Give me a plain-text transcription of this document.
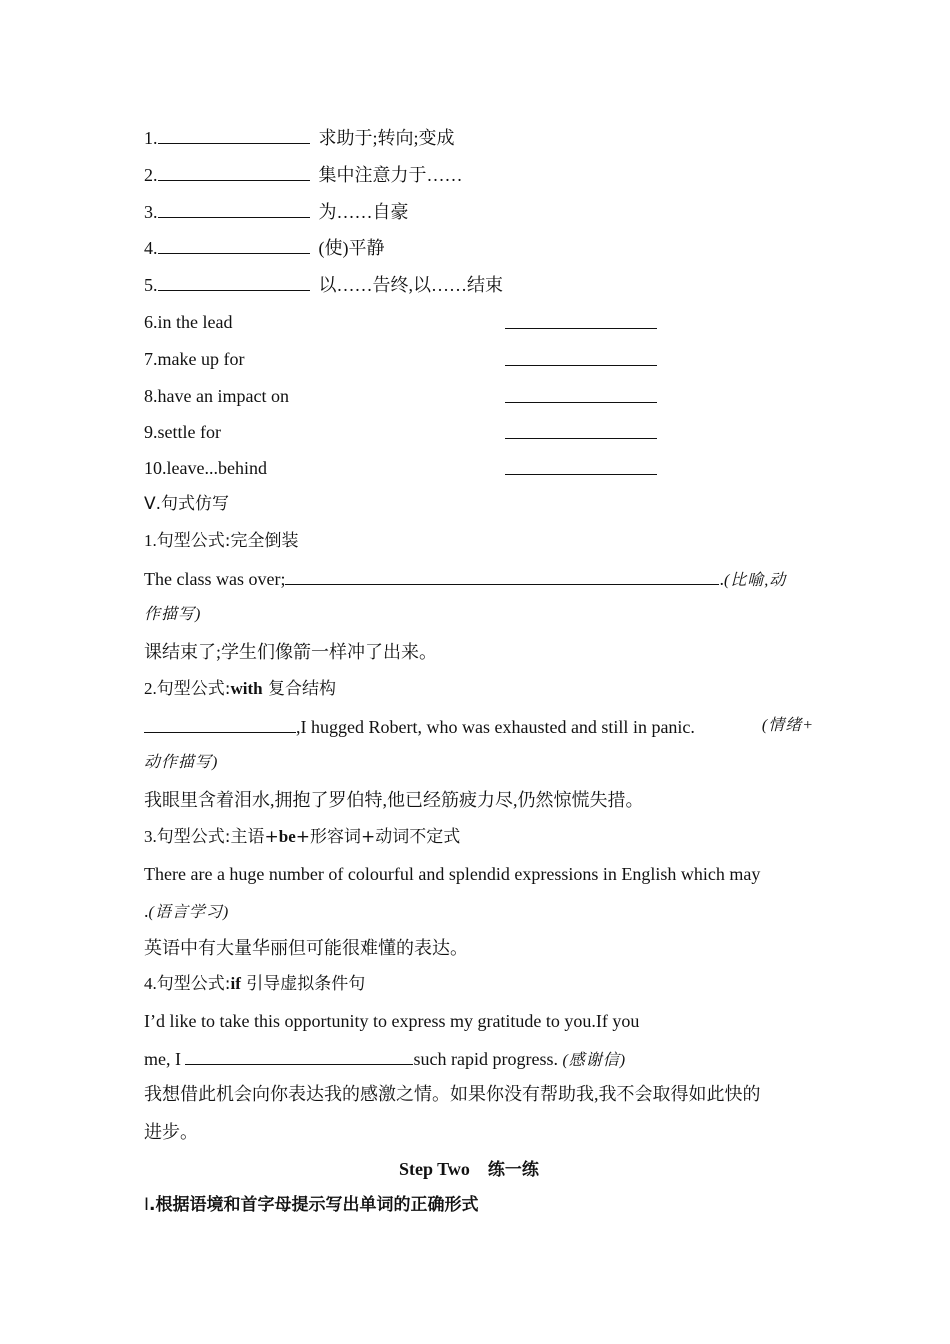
1.	求助于;转向;变成
2.	集中注意力于……
3.	为……自豪
4.	(使)平静
5.	以……告终,以……结束
6.in the lead
7.make up for
8.have an impact on
9.settle for
10.leave...behind
Ⅴ.句式仿写
1.句型公式:完全倒装
The class was over;	.(比喻,动
作描写)
课结束了;学生们像箭一样冲了出来。
2.句型公式:with 复合结构
,I hugged Robert, who was exhausted and still in panic.	(情绪+
动作描写)
我眼里含着泪水,拥抱了罗伯特,他已经筋疲力尽,仍然惊慌失措。
3.句型公式:主语+be+形容词+动词不定式
There are a huge number of colourful and splendid expressions in English which may
.(语言学习)
英语中有大量华丽但可能很难懂的表达。
4.句型公式:if 引导虚拟条件句
I’d like to take this opportunity to express my gratitude to you.If you
me, I	such rapid progress. (感谢信)
我想借此机会向你表达我的感激之情。如果你没有帮助我,我不会取得如此快的
进步。
Step Two 练一练
Ⅰ.根据语境和首字母提示写出单词的正确形式
